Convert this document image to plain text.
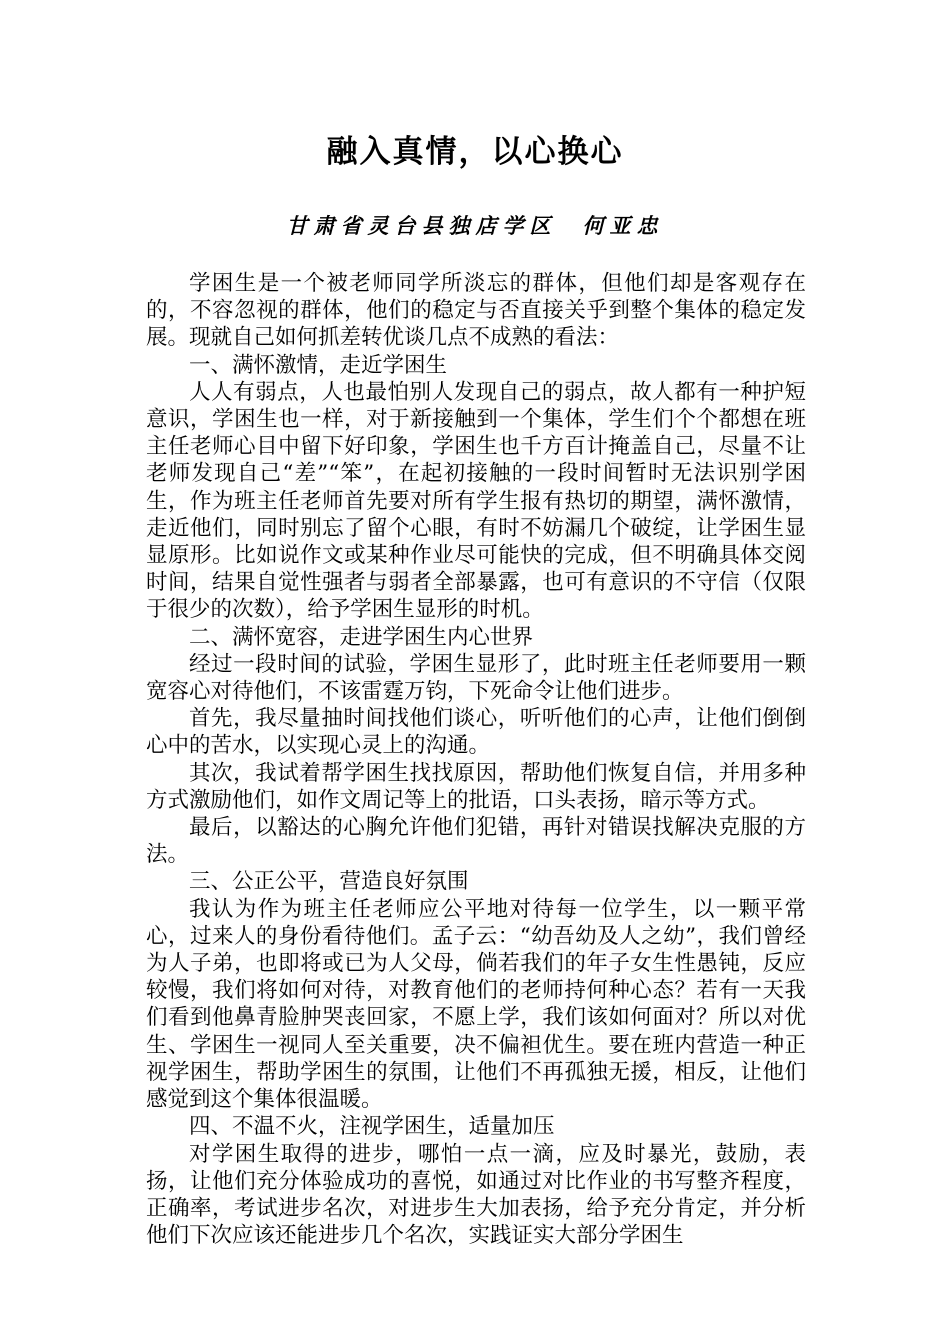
融入真情，以心换心
甘肃省灵台县独店学区 何亚忠

学困生是一个被老师同学所淡忘的群体，但他们却是客观存在的，不容忽视的群体，他们的稳定与否直接关乎到整个集体的稳定发展。现就自己如何抓差转优谈几点不成熟的看法：

一、满怀激情，走近学困生

人人有弱点，人也最怕别人发现自己的弱点，故人都有一种护短意识，学困生也一样，对于新接触到一个集体，学生们个个都想在班主任老师心目中留下好印象，学困生也千方百计掩盖自己，尽量不让老师发现自己“差”“笨”，在起初接触的一段时间暂时无法识别学困生，作为班主任老师首先要对所有学生报有热切的期望，满怀激情，走近他们，同时别忘了留个心眼，有时不妨漏几个破绽，让学困生显显原形。比如说作文或某种作业尽可能快的完成，但不明确具体交阅时间，结果自觉性强者与弱者全部暴露，也可有意识的不守信（仅限于很少的次数），给予学困生显形的时机。

二、满怀宽容，走进学困生内心世界

经过一段时间的试验，学困生显形了，此时班主任老师要用一颗 宽容心对待他们，不该雷霆万钧，下死命令让他们进步。

首先，我尽量抽时间找他们谈心，听听他们的心声，让他们倒倒心中的苦水，以实现心灵上的沟通。

其次，我试着帮学困生找找原因，帮助他们恢复自信，并用多种方式激励他们，如作文周记等上的批语，口头表扬，暗示等方式。

最后，以豁达的心胸允许他们犯错，再针对错误找解决克服的方法。

三、公正公平，营造良好氛围

我认为作为班主任老师应公平地对待每一位学生，以一颗平常心，过来人的身份看待他们。孟子云：“幼吾幼及人之幼”，我们曾经为人子弟，也即将或已为人父母，倘若我们的年子女生性愚钝，反应较慢，我们将如何对待，对教育他们的老师持何种心态？若有一天我们看到他鼻青脸肿哭丧回家，不愿上学，我们该如何面对？所以对优生、学困生一视同人至关重要，决不偏袒优生。要在班内营造一种正视学困生，帮助学困生的氛围，让他们不再孤独无援，相反，让他们感觉到这个集体很温暖。

四、不温不火，注视学困生，适量加压

对学困生取得的进步，哪怕一点一滴，应及时暴光，鼓励，表扬，让他们充分体验成功的喜悦，如通过对比作业的书写整齐程度，正确率，考试进步名次，对进步生大加表扬，给予充分肯定，并分析他们下次应该还能进步几个名次，实践证实大部分学困生
